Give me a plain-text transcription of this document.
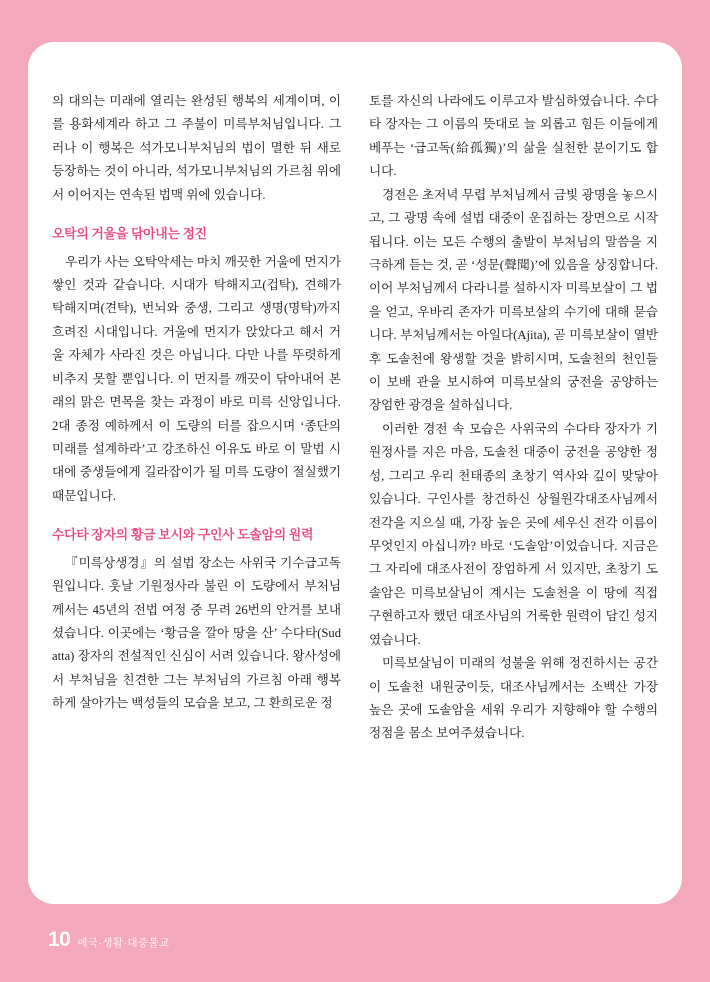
의 대의는 미래에 열리는 완성된 행복의 세계이며, 이를 용화세계라 하고 그 주불이 미륵부처님입니다. 그러나 이 행복은 석가모니부처님의 법이 멸한 뒤 새로 등장하는 것이 아니라, 석가모니부처님의 가르침 위에서 이어지는 연속된 법맥 위에 있습니다.

오탁의 거울을 닦아내는 정진

우리가 사는 오탁악세는 마치 깨끗한 거울에 먼지가 쌓인 것과 같습니다. 시대가 탁해지고(겁탁), 견해가 탁해지며(견탁), 번뇌와 중생, 그리고 생명(명탁)까지 흐려진 시대입니다. 거울에 먼지가 앉았다고 해서 거울 자체가 사라진 것은 아닙니다. 다만 나를 뚜렷하게 비추지 못할 뿐입니다. 이 먼지를 깨끗이 닦아내어 본래의 맑은 면목을 찾는 과정이 바로 미륵 신앙입니다. 2대 종정 예하께서 이 도량의 터를 잡으시며 ‘종단의 미래를 설계하라’고 강조하신 이유도 바로 이 말법 시대에 중생들에게 길라잡이가 될 미륵 도량이 절실했기 때문입니다.

수다타 장자의 황금 보시와 구인사 도솔암의 원력

『미륵상생경』의 설법 장소는 사위국 기수급고독원입니다. 훗날 기원정사라 불린 이 도량에서 부처님께서는 45년의 전법 여정 중 무려 26번의 안거를 보내셨습니다. 이곳에는 ‘황금을 깔아 땅을 산’ 수다타(Sudatta) 장자의 전설적인 신심이 서려 있습니다. 왕사성에서 부처님을 친견한 그는 부처님의 가르침 아래 행복하게 살아가는 백성들의 모습을 보고, 그 환희로운 정

토를 자신의 나라에도 이루고자 발심하였습니다. 수다타 장자는 그 이름의 뜻대로 늘 외롭고 힘든 이들에게 베푸는 ‘급고독(給孤獨)’의 삶을 실천한 분이기도 합니다.

경전은 초저녁 무렵 부처님께서 금빛 광명을 놓으시고, 그 광명 속에 설법 대중이 운집하는 장면으로 시작됩니다. 이는 모든 수행의 출발이 부처님의 말씀을 지극하게 듣는 것, 곧 ‘성문(聲聞)’에 있음을 상징합니다. 이어 부처님께서 다라니를 설하시자 미륵보살이 그 법을 얻고, 우바리 존자가 미륵보살의 수기에 대해 묻습니다. 부처님께서는 아일다(Ajita), 곧 미륵보살이 열반 후 도솔천에 왕생할 것을 밝히시며, 도솔천의 천인들이 보배 관을 보시하여 미륵보살의 궁전을 공양하는 장엄한 광경을 설하십니다.

이러한 경전 속 모습은 사위국의 수다타 장자가 기원정사를 지은 마음, 도솔천 대중이 궁전을 공양한 정성, 그리고 우리 천태종의 초창기 역사와 깊이 맞닿아 있습니다. 구인사를 창건하신 상월원각대조사님께서 전각을 지으실 때, 가장 높은 곳에 세우신 전각 이름이 무엇인지 아십니까? 바로 ‘도솔암’이었습니다. 지금은 그 자리에 대조사전이 장엄하게 서 있지만, 초창기 도솔암은 미륵보살님이 계시는 도솔천을 이 땅에 직접 구현하고자 했던 대조사님의 거룩한 원력이 담긴 성지였습니다.

미륵보살님이 미래의 성불을 위해 정진하시는 공간이 도솔천 내원궁이듯, 대조사님께서는 소백산 가장 높은 곳에 도솔암을 세워 우리가 지향해야 할 수행의 정점을 몸소 보여주셨습니다.

10 애국·생활·대중불교
